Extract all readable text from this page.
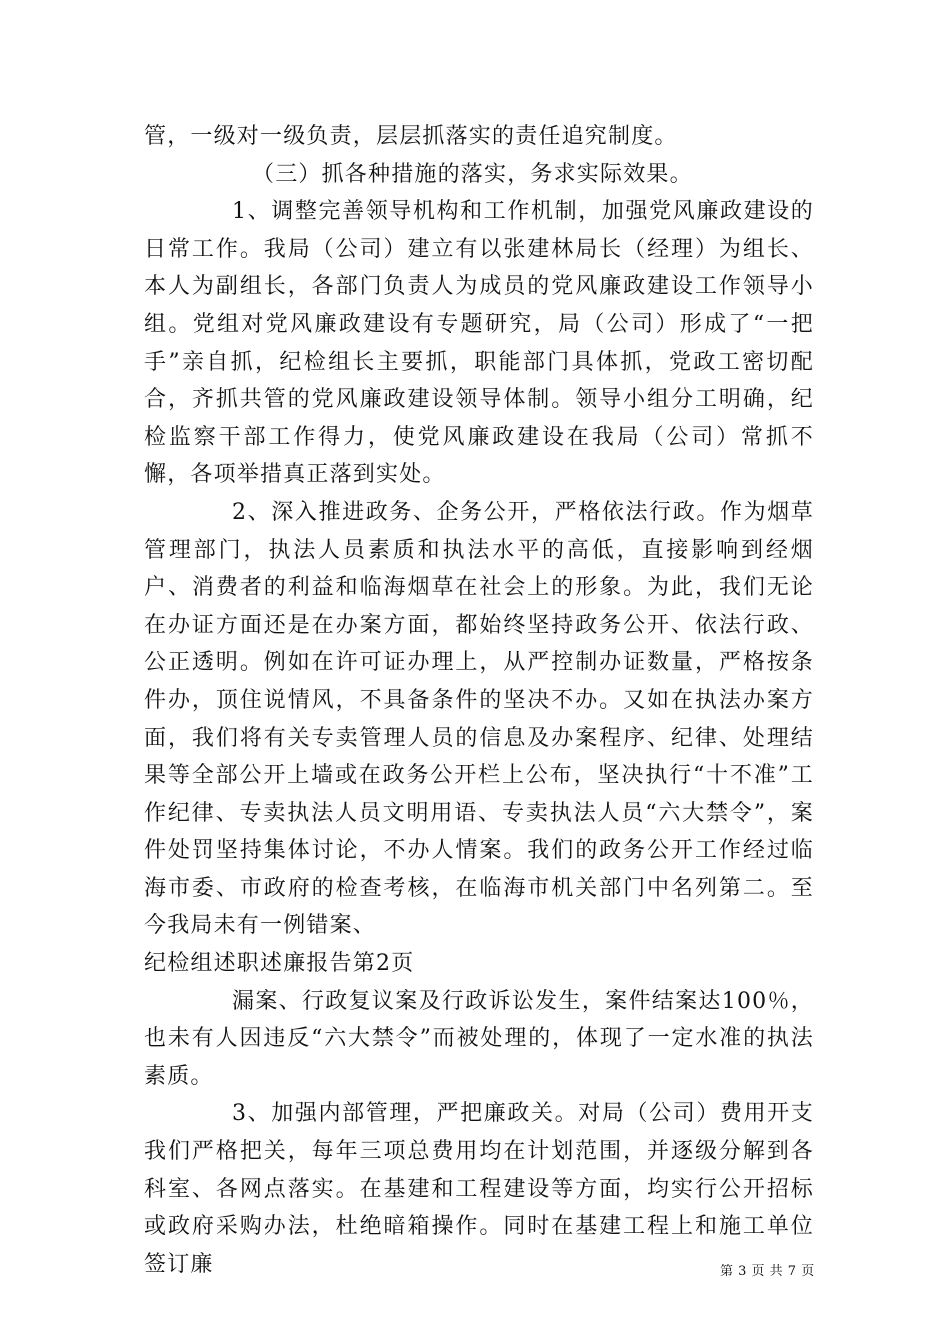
管，一级对一级负责，层层抓落实的责任追究制度。

（三）抓各种措施的落实，务求实际效果。

1、调整完善领导机构和工作机制，加强党风廉政建设的日常工作。我局（公司）建立有以张建林局长（经理）为组长、本人为副组长，各部门负责人为成员的党风廉政建设工作领导小组。党组对党风廉政建设有专题研究，局（公司）形成了“一把手”亲自抓，纪检组长主要抓，职能部门具体抓，党政工密切配合，齐抓共管的党风廉政建设领导体制。领导小组分工明确，纪检监察干部工作得力，使党风廉政建设在我局（公司）常抓不懈，各项举措真正落到实处。

2、深入推进政务、企务公开，严格依法行政。作为烟草管理部门，执法人员素质和执法水平的高低，直接影响到经烟户、消费者的利益和临海烟草在社会上的形象。为此，我们无论在办证方面还是在办案方面，都始终坚持政务公开、依法行政、公正透明。例如在许可证办理上，从严控制办证数量，严格按条件办，顶住说情风，不具备条件的坚决不办。又如在执法办案方面，我们将有关专卖管理人员的信息及办案程序、纪律、处理结果等全部公开上墙或在政务公开栏上公布，坚决执行“十不准”工作纪律、专卖执法人员文明用语、专卖执法人员“六大禁令”，案件处罚坚持集体讨论，不办人情案。我们的政务公开工作经过临海市委、市政府的检查考核，在临海市机关部门中名列第二。至今我局未有一例错案、

纪检组述职述廉报告第2页

漏案、行政复议案及行政诉讼发生，案件结案达100％，也未有人因违反“六大禁令”而被处理的，体现了一定水准的执法素质。

3、加强内部管理，严把廉政关。对局（公司）费用开支我们严格把关，每年三项总费用均在计划范围，并逐级分解到各科室、各网点落实。在基建和工程建设等方面，均实行公开招标或政府采购办法，杜绝暗箱操作。同时在基建工程上和施工单位签订廉	第 3 页 共 7 页
